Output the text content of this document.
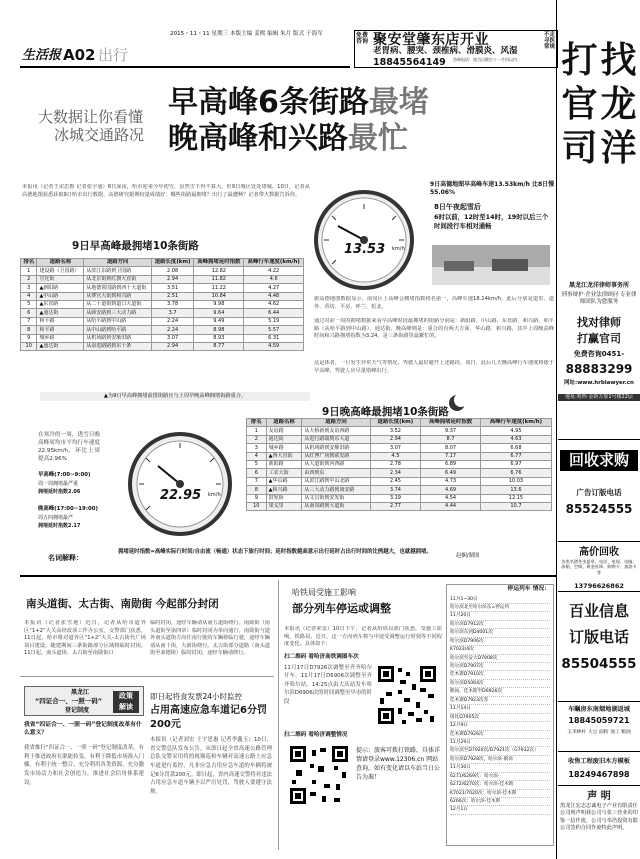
2015・11・11 星期三 本版主编 姜熙 编辑 朱月 版式 于海军
生活报 A02 出行
免费咨询 聚安堂肇东店开业
老胃病、腰突、颈椎病、滑膜炎、风湿
18845564149 咨询电话：请当日拨打十一月份以内
不走寻医常规
大数据让你看懂
冰城交通路况
早高峰6条街路最堵
晚高峰和兴路最忙
本报讯（记者王宋思惠 记者张宇通）8日深夜，哈市迎来今年初雪，虽然雪下得不算大，但9日城区处处堵城。10日，记者从高德地图获悉获取9日哈市出行数据，高德研究据期较量成绩好：哪些街路最拥堵？出行了最遭畅？记者带大数据告诉你。
13.53 km/h
9日高德地图早高峰车速13.53km/h 比8日慢55.06%
8日午夜起雪后
6时以前，12时至14时，19时以后三个时间段行车相对通畅
9日早高峰最拥堵10条街路
排名	道路名称	道路方向	道路长度(km)	高峰拥堵延时指数	高峰行车速度(km/h)
1	建设路（卫国路）	从滨江东路到卫国路	2.08	12.82	4.22
2	宣化街	从北京街到红旗大直街	2.94	11.82	4.6
3	▲新阳路	从地德领国路到西十大道街	3.51	11.22	4.27
4	▲中山路	从赛宫大街到和兴路	2.51	10.84	4.48
5	▲东直路	从二十道街到道口大道街	3.78	9.98	4.62
6	▲通达街	从顾安路到三大动力路	3.7	9.64	6.44
7	和平路	从哈平路到中山路	2.24	9.49	5.19
8	和平路	从中山路到哈平路	2.24	8.98	5.57
9	城乡路	从机场路到安顺旧路	3.07	8.93	6.31
10	▲通达街	从前进路路到东十条	2.94	8.77	4.59
▲为9日早高峰拥堵前排街路且与上周早晚高峰拥堵街路重合。
据高德地图数据显示，南岗区上高峰会拥堵指数将名第一，高峰车速18.14km/h，此后分别是道里、道外、香坊、平房、呼兰、松北。
通过对前一周的拥堵数据来看早高峰时段最拥堵的街路分别是：新阳路、中山路、东直路、和兴路、和平路（从哈平路到中山路）、通达街、晚高峰则是：重合的有两大方面，华山路、和兴路，其中上周晚高峰时间和兴路拥堵指数为3.24，是三条街路里最繁忙的。
这是体者，一旦发生异常天气等情况，驾驶人最好避开上述路段。周日，此后几天晚高峰行车速度将缓于早高峰，驾驶人应尽量错峰出行。
9日晚高峰最拥堵10条街路
在寒冷的一周，透雪日晚高峰周均市平均行车速度22.95km/h，环比上周提高2.96%
早高峰(7:00~9:00)
周一周拥堵最严重
拥堵延时指数2.06
晚高峰(17:00~19:00)
周五四拥堵最严
拥堵延时指数2.17
22.95 km/h
排名	道路名称	道路方向	道路长度(km)	高峰拥堵延时指数	高峰行车速度(km/h)
1	友谊路	从大桥新到友谊西路	3.52	9.37	4.95
2	通达街	从进行路端到东大道	2.94	8.7	4.63
3	城乡路	从机场路到安顺旧路	3.07	8.07	6.68
4	▲西大直街	从红博广场到联发路	4.5	7.17	6.77
5	新阳路	从大道街到河西路	2.78	6.89	6.97
6	工农大街	由西到东	2.34	6.49	6.76
7	▲华山路	从滨江路到中山北路	2.45	4.73	10.03
8	▲和兴路	从三大动力路到康安路	3.74	4.69	13.6
9	鼓宛街	从文昌街到安发街	3.19	4.54	12.15
10	果戈里	从南岗路到大道街	2.77	4.44	10.7
名词解释：
拥堵延时指数=高峰实际行时间/自由流（畅通）状态下旅行时间；延时指数越高意示出行延时占出行时间的比例越大，也就越拥堵。
赵娴/制图
南头道街、太古街、南勋街 今起部分封闭
本报讯（记者张雪地）近日，记者从哈市道外区“1+2”大关高经改项工作办公室，交警部门获悉，11日起，哈市将对道外区“1+2”大关-太古街代广场项目建设，随建期间三条街路部分区域将临时封闭。11日起，南头道街、太古街至南勋街口
临时封闭，途经车辆请从南五道街绕行。南勋街（南头道街至第四章）临时封闭为单向通行，南勋街与道外南头道街方向往南行驶的车辆将临行驶，途经车辆请从南十街，大新街绕行。太古街部分道路（南头道街至来德街）临时封闭，途经车辆请绕行。
黑龙江
“四证合一、一照一码”
登记制度
政策
解读
我省“四证合一、一照一码”登记制度改革有什么意义？
我省推行“四证合一、一照一码”登记制度改革，有利于推进政府在职能转变，有利于降低市场准入门槛，有利于统一整合、充分利用各类资源，充分激发市场活力和社会创造力，推进社会信用体系建设。
即日起将食发票24小时监控
占用高速应急车道记6分罚200元
本报讯（记者刘宏 王宇思惠 记者李鑫玉）10日，省交警总队发布公告，从即日起全省高速公路管理总队交警采用将的视频巡检车辆对高速公路上应急车道进行监控，凡非应急占用应急车道的车辆将被记6分罚款200元。即日起，省内高速交警将对违法占用应急车道车辆予以严厉处罚，驾驶人要遵守法规。
哈铁局受施工影响
部分列车停运或调整
本报讯（记者索雷）10日下午，记者从哈铁局部门获悉，受施工影响，铁路局，近日，这一方向列车将与中途受调整运行时刻等不同程度变化。具体如下：
扫二维码 看哈济高铁调图车次
11月17日D7926次调整至齐齐哈尔开车。11月17日D6906次调整至齐齐哈尔站，14:25点由大庆站发车哈尔滨D6906次的时间调整至早市的时段
扫二维码 看哈济调整情况
提示：旅客可拨打铁路，具体详情请登录www.12306.cn 网站查询，如有变化请以车站当日公告为准！
停运列车 情况：
11月1~30日
哈尔滨北至哈尔滨东=停运列
11月20日
哈尔滨D7912次
哈尔滨东到D4001次
哈尔滨D7906次
K7023/4次
哈尔滨至安大D7908次
哈尔滨D7907次
佳木斯D7910次
哈尔滨D5064次
鹤岗，佳木斯至D6926次
佳木斯D7923次等
11月14日
绥化D7905次
12月9日
佳木斯D7926次
11月29日
哈尔滨至D7920次/D7921次（G7932次）
哈尔滨D7928次，哈尔滨-鹤岗
11月30日
6271/6269次：哈尔滨-
6272/6270次：哈尔滨-佳木斯
K7021/7020次：哈尔滨-佳木斯
6266次：哈尔滨-佳木斯
12月1日
打 找
官 龙
司 洋
黑龙江龙洋律师事务所
刑事辩护·企业法律顾问 专业律师团队为您服务
找对律师
打赢官司
免费咨询0451-
88883299
网址:www.hrblawyer.cn
地址:哈西·金新万象1号楼22层
回收求购
广告订版电话
85524555
高价回收
各类名酒冬虫夏草，电话、电视、电脑、冰箱、空调、黄金首饰、购物卡、加油卡等
13796626862
百业信息
订版电话
85504555
车瞩房东南烟地湖返城
18845059721
玉米棒秆 大豆 面粉 加工 粮油
收售工程废旧木方模板
18249467898
声 明
黑龙江宏志志诚电子产业有限责任公司现声明我公司与张三营业的印鉴一信作废，公司与奉浩投资有限公司签约合同作废特此声明。
